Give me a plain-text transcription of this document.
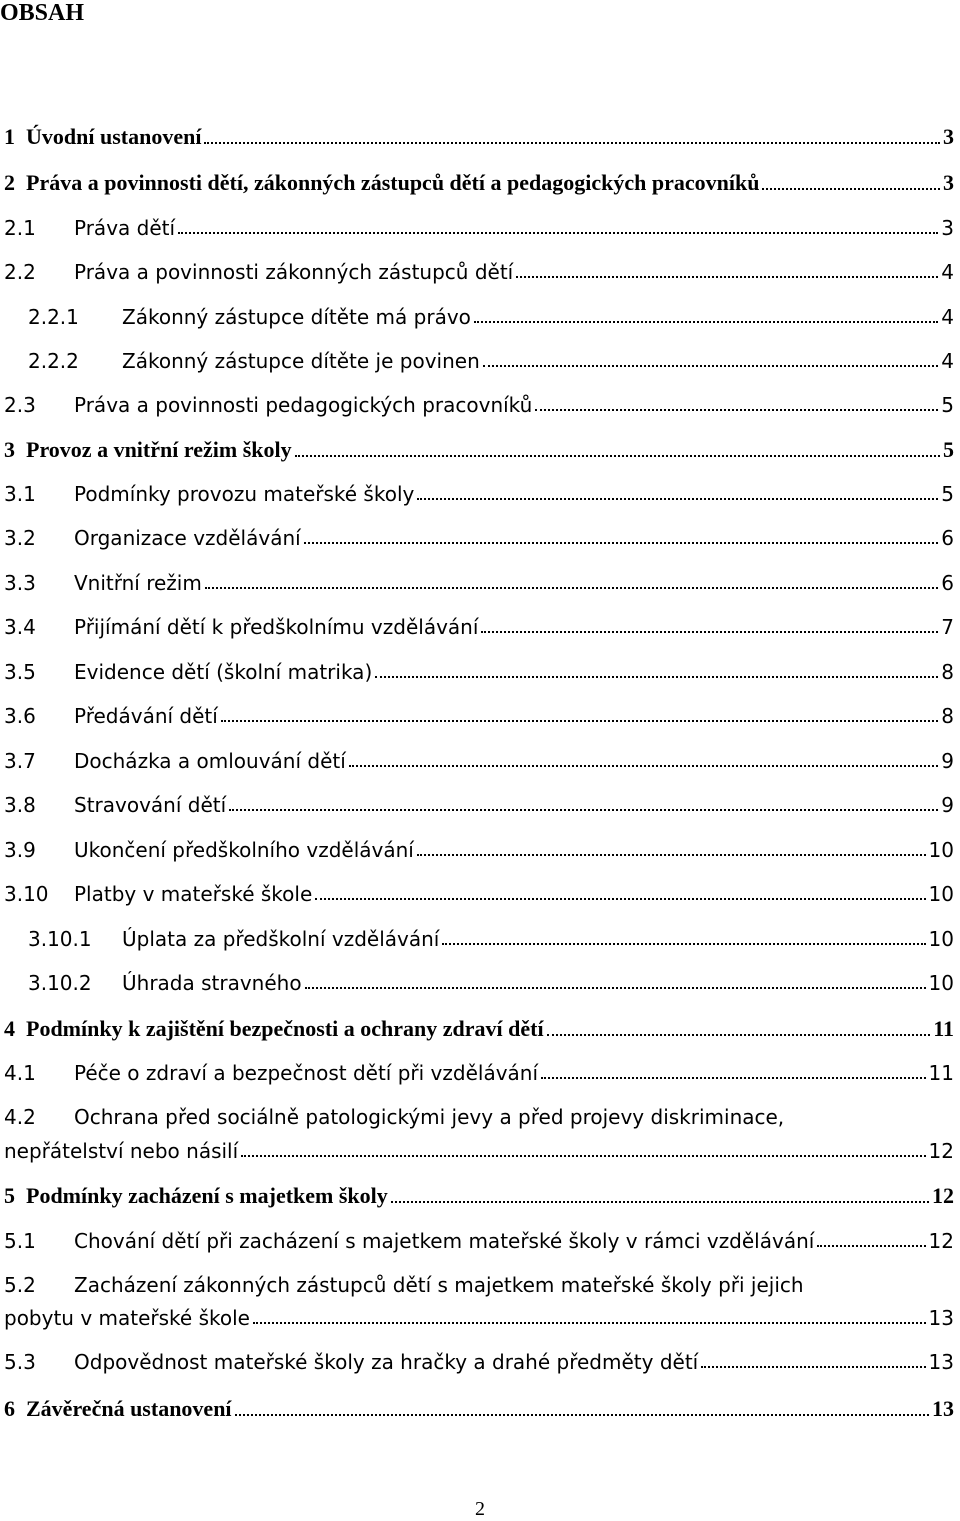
OBSAH
1 Úvodní ustanovení	3
2 Práva a povinnosti dětí, zákonných zástupců dětí a pedagogických pracovníků	3
2.1	Práva dětí	3
2.2	Práva a povinnosti zákonných zástupců dětí	4
2.2.1	Zákonný zástupce dítěte má právo	4
2.2.2	Zákonný zástupce dítěte je povinen	4
2.3	Práva a povinnosti pedagogických pracovníků	5
3 Provoz a vnitřní režim školy	5
3.1	Podmínky provozu mateřské školy	5
3.2	Organizace vzdělávání	6
3.3	Vnitřní režim	6
3.4	Přijímání dětí k předškolnímu vzdělávání	7
3.5	Evidence dětí (školní matrika)	8
3.6	Předávání dětí	8
3.7	Docházka a omlouvání dětí	9
3.8	Stravování dětí	9
3.9	Ukončení předškolního vzdělávání	10
3.10	Platby v mateřské škole	10
3.10.1	Úplata za předškolní vzdělávání	10
3.10.2	Úhrada stravného	10
4 Podmínky k zajištění bezpečnosti a ochrany zdraví dětí	11
4.1	Péče o zdraví a bezpečnost dětí při vzdělávání	11
4.2 Ochrana před sociálně patologickými jevy a před projevy diskriminace,
nepřátelství nebo násilí	12
5 Podmínky zacházení s majetkem školy	12
5.1	Chování dětí při zacházení s majetkem mateřské školy v rámci vzdělávání	12
5.2 Zacházení zákonných zástupců dětí s majetkem mateřské školy při jejich
pobytu v mateřské škole	13
5.3	Odpovědnost mateřské školy za hračky a drahé předměty dětí	13
6 Závěrečná ustanovení	13
2
